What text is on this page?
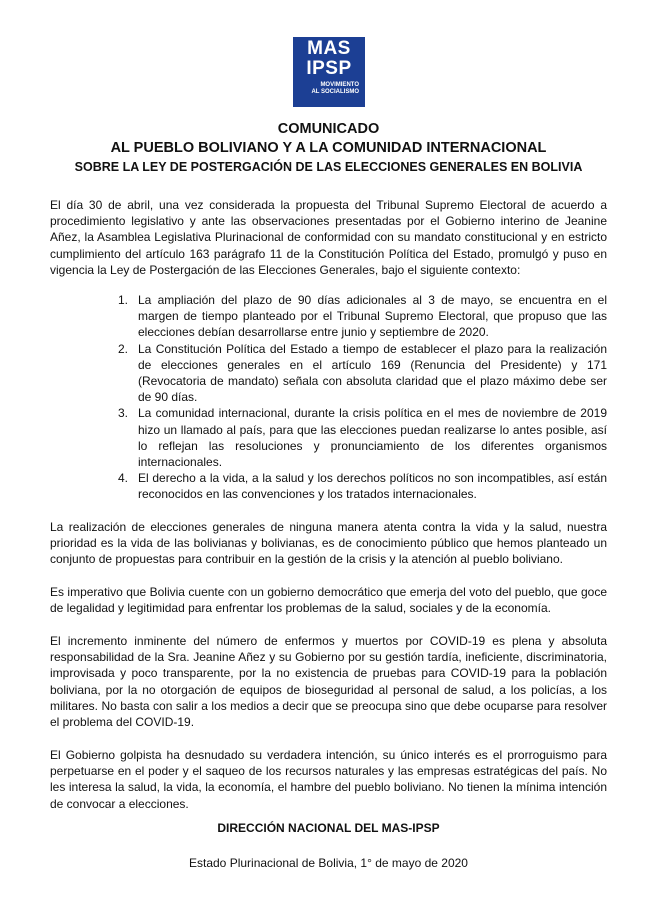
MAS
IPSP
MOVIMIENTO
AL SOCIALISMO
COMUNICADO
AL PUEBLO BOLIVIANO Y A LA COMUNIDAD INTERNACIONAL
SOBRE LA LEY DE POSTERGACIÓN DE LAS ELECCIONES GENERALES EN BOLIVIA

El día 30 de abril, una vez considerada la propuesta del Tribunal Supremo Electoral de acuerdo a procedimiento legislativo y ante las observaciones presentadas por el Gobierno interino de Jeanine Añez, la Asamblea Legislativa Plurinacional de conformidad con su mandato constitucional y en estricto cumplimiento del artículo 163 parágrafo 11 de la Constitución Política del Estado, promulgó y puso en vigencia la Ley de Postergación de las Elecciones Generales, bajo el siguiente contexto:

1. La ampliación del plazo de 90 días adicionales al 3 de mayo, se encuentra en el margen de tiempo planteado por el Tribunal Supremo Electoral, que propuso que las elecciones debían desarrollarse entre junio y septiembre de 2020.
2. La Constitución Política del Estado a tiempo de establecer el plazo para la realización de elecciones generales en el artículo 169 (Renuncia del Presidente) y 171 (Revocatoria de mandato) señala con absoluta claridad que el plazo máximo debe ser de 90 días.
3. La comunidad internacional, durante la crisis política en el mes de noviembre de 2019 hizo un llamado al país, para que las elecciones puedan realizarse lo antes posible, así lo reflejan las resoluciones y pronunciamiento de los diferentes organismos internacionales.
4. El derecho a la vida, a la salud y los derechos políticos no son incompatibles, así están reconocidos en las convenciones y los tratados internacionales.

La realización de elecciones generales de ninguna manera atenta contra la vida y la salud, nuestra prioridad es la vida de las bolivianas y bolivianas, es de conocimiento público que hemos planteado un conjunto de propuestas para contribuir en la gestión de la crisis y la atención al pueblo boliviano.

Es imperativo que Bolivia cuente con un gobierno democrático que emerja del voto del pueblo, que goce de legalidad y legitimidad para enfrentar los problemas de la salud, sociales y de la economía.

El incremento inminente del número de enfermos y muertos por COVID-19 es plena y absoluta responsabilidad de la Sra. Jeanine Añez y su Gobierno por su gestión tardía, ineficiente, discriminatoria, improvisada y poco transparente, por la no existencia de pruebas para COVID-19 para la población boliviana, por la no otorgación de equipos de bioseguridad al personal de salud, a los policías, a los militares. No basta con salir a los medios a decir que se preocupa sino que debe ocuparse para resolver el problema del COVID-19.

El Gobierno golpista ha desnudado su verdadera intención, su único interés es el prorroguismo para perpetuarse en el poder y el saqueo de los recursos naturales y las empresas estratégicas del país. No les interesa la salud, la vida, la economía, el hambre del pueblo boliviano. No tienen la mínima intención de convocar a elecciones.

DIRECCIÓN NACIONAL DEL MAS-IPSP
Estado Plurinacional de Bolivia, 1° de mayo de 2020
